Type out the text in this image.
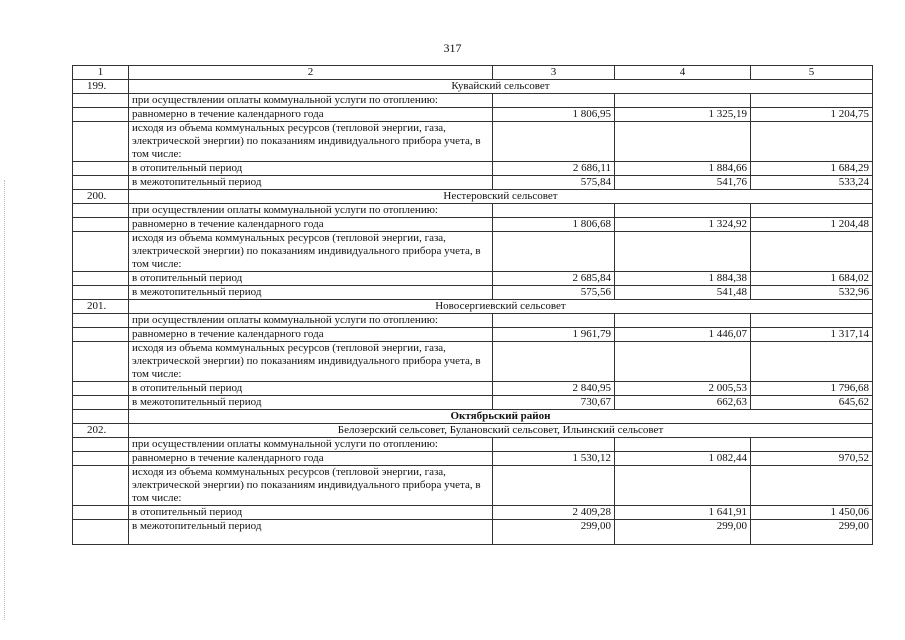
317
1	2	3	4	5
199.	Кувайский сельсовет			
	при осуществлении оплаты коммунальной услуги по отоплению:			
	равномерно в течение календарного года	1 806,95	1 325,19	1 204,75
	исходя из объема коммунальных ресурсов (тепловой энергии, газа, электрической энергии) по показаниям индивидуального прибора учета, в том числе:			
	в отопительный период	2 686,11	1 884,66	1 684,29
	в межотопительный период	575,84	541,76	533,24
200.	Нестеровский сельсовет			
	при осуществлении оплаты коммунальной услуги по отоплению:			
	равномерно в течение календарного года	1 806,68	1 324,92	1 204,48
	исходя из объема коммунальных ресурсов (тепловой энергии, газа, электрической энергии) по показаниям индивидуального прибора учета, в том числе:			
	в отопительный период	2 685,84	1 884,38	1 684,02
	в межотопительный период	575,56	541,48	532,96
201.	Новосергиевский сельсовет			
	при осуществлении оплаты коммунальной услуги по отоплению:			
	равномерно в течение календарного года	1 961,79	1 446,07	1 317,14
	исходя из объема коммунальных ресурсов (тепловой энергии, газа, электрической энергии) по показаниям индивидуального прибора учета, в том числе:			
	в отопительный период	2 840,95	2 005,53	1 796,68
	в межотопительный период	730,67	662,63	645,62
	Октябрьский район			
202.	Белозерский сельсовет, Булановский сельсовет, Ильинский сельсовет			
	при осуществлении оплаты коммунальной услуги по отоплению:			
	равномерно в течение календарного года	1 530,12	1 082,44	970,52
	исходя из объема коммунальных ресурсов (тепловой энергии, газа, электрической энергии) по показаниям индивидуального прибора учета, в том числе:			
	в отопительный период	2 409,28	1 641,91	1 450,06
	в межотопительный период	299,00	299,00	299,00
